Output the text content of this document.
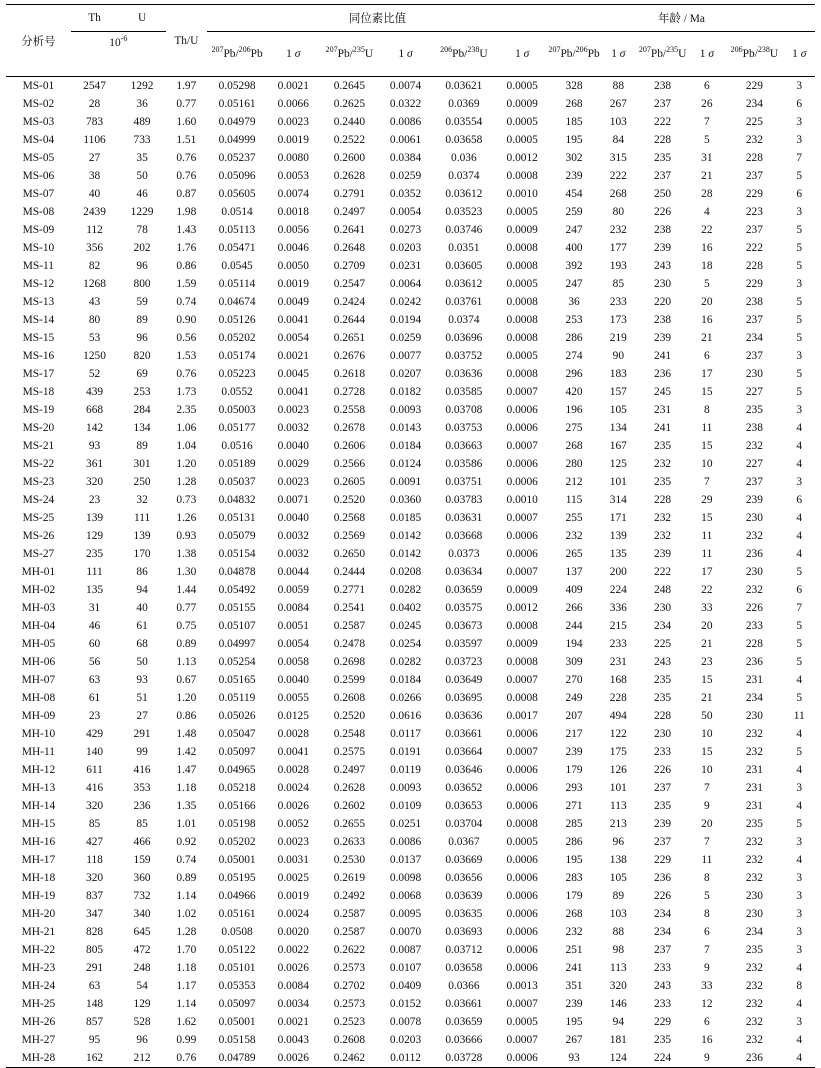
分析号	Th	U	Th/U	同位素比值						年龄 / Ma					
	$10^{-6}$			$^{207}$Pb/$^{206}$Pb	1 σ	$^{207}$Pb/$^{235}$U	1 σ	$^{206}$Pb/$^{238}$U	1 σ	$^{207}$Pb/$^{206}$Pb	1 σ	$^{207}$Pb/$^{235}$U	1 σ	$^{206}$Pb/$^{238}$U	1 σ

MS-01	2547	1292	1.97	0.05298	0.0021	0.2645	0.0074	0.03621	0.0005	328	88	238	6	229	3
MS-02	28	36	0.77	0.05161	0.0066	0.2625	0.0322	0.0369	0.0009	268	267	237	26	234	6
MS-03	783	489	1.60	0.04979	0.0023	0.2440	0.0086	0.03554	0.0005	185	103	222	7	225	3
MS-04	1106	733	1.51	0.04999	0.0019	0.2522	0.0061	0.03658	0.0005	195	84	228	5	232	3
MS-05	27	35	0.76	0.05237	0.0080	0.2600	0.0384	0.036	0.0012	302	315	235	31	228	7
MS-06	38	50	0.76	0.05096	0.0053	0.2628	0.0259	0.0374	0.0008	239	222	237	21	237	5
MS-07	40	46	0.87	0.05605	0.0074	0.2791	0.0352	0.03612	0.0010	454	268	250	28	229	6
MS-08	2439	1229	1.98	0.0514	0.0018	0.2497	0.0054	0.03523	0.0005	259	80	226	4	223	3
MS-09	112	78	1.43	0.05113	0.0056	0.2641	0.0273	0.03746	0.0009	247	232	238	22	237	5
MS-10	356	202	1.76	0.05471	0.0046	0.2648	0.0203	0.0351	0.0008	400	177	239	16	222	5
MS-11	82	96	0.86	0.0545	0.0050	0.2709	0.0231	0.03605	0.0008	392	193	243	18	228	5
MS-12	1268	800	1.59	0.05114	0.0019	0.2547	0.0064	0.03612	0.0005	247	85	230	5	229	3
MS-13	43	59	0.74	0.04674	0.0049	0.2424	0.0242	0.03761	0.0008	36	233	220	20	238	5
MS-14	80	89	0.90	0.05126	0.0041	0.2644	0.0194	0.0374	0.0008	253	173	238	16	237	5
MS-15	53	96	0.56	0.05202	0.0054	0.2651	0.0259	0.03696	0.0008	286	219	239	21	234	5
MS-16	1250	820	1.53	0.05174	0.0021	0.2676	0.0077	0.03752	0.0005	274	90	241	6	237	3
MS-17	52	69	0.76	0.05223	0.0045	0.2618	0.0207	0.03636	0.0008	296	183	236	17	230	5
MS-18	439	253	1.73	0.0552	0.0041	0.2728	0.0182	0.03585	0.0007	420	157	245	15	227	5
MS-19	668	284	2.35	0.05003	0.0023	0.2558	0.0093	0.03708	0.0006	196	105	231	8	235	3
MS-20	142	134	1.06	0.05177	0.0032	0.2678	0.0143	0.03753	0.0006	275	134	241	11	238	4
MS-21	93	89	1.04	0.0516	0.0040	0.2606	0.0184	0.03663	0.0007	268	167	235	15	232	4
MS-22	361	301	1.20	0.05189	0.0029	0.2566	0.0124	0.03586	0.0006	280	125	232	10	227	4
MS-23	320	250	1.28	0.05037	0.0023	0.2605	0.0091	0.03751	0.0006	212	101	235	7	237	3
MS-24	23	32	0.73	0.04832	0.0071	0.2520	0.0360	0.03783	0.0010	115	314	228	29	239	6
MS-25	139	111	1.26	0.05131	0.0040	0.2568	0.0185	0.03631	0.0007	255	171	232	15	230	4
MS-26	129	139	0.93	0.05079	0.0032	0.2569	0.0142	0.03668	0.0006	232	139	232	11	232	4
MS-27	235	170	1.38	0.05154	0.0032	0.2650	0.0142	0.0373	0.0006	265	135	239	11	236	4
MH-01	111	86	1.30	0.04878	0.0044	0.2444	0.0208	0.03634	0.0007	137	200	222	17	230	5
MH-02	135	94	1.44	0.05492	0.0059	0.2771	0.0282	0.03659	0.0009	409	224	248	22	232	6
MH-03	31	40	0.77	0.05155	0.0084	0.2541	0.0402	0.03575	0.0012	266	336	230	33	226	7
MH-04	46	61	0.75	0.05107	0.0051	0.2587	0.0245	0.03673	0.0008	244	215	234	20	233	5
MH-05	60	68	0.89	0.04997	0.0054	0.2478	0.0254	0.03597	0.0009	194	233	225	21	228	5
MH-06	56	50	1.13	0.05254	0.0058	0.2698	0.0282	0.03723	0.0008	309	231	243	23	236	5
MH-07	63	93	0.67	0.05165	0.0040	0.2599	0.0184	0.03649	0.0007	270	168	235	15	231	4
MH-08	61	51	1.20	0.05119	0.0055	0.2608	0.0266	0.03695	0.0008	249	228	235	21	234	5
MH-09	23	27	0.86	0.05026	0.0125	0.2520	0.0616	0.03636	0.0017	207	494	228	50	230	11
MH-10	429	291	1.48	0.05047	0.0028	0.2548	0.0117	0.03661	0.0006	217	122	230	10	232	4
MH-11	140	99	1.42	0.05097	0.0041	0.2575	0.0191	0.03664	0.0007	239	175	233	15	232	5
MH-12	611	416	1.47	0.04965	0.0028	0.2497	0.0119	0.03646	0.0006	179	126	226	10	231	4
MH-13	416	353	1.18	0.05218	0.0024	0.2628	0.0093	0.03652	0.0006	293	101	237	7	231	3
MH-14	320	236	1.35	0.05166	0.0026	0.2602	0.0109	0.03653	0.0006	271	113	235	9	231	4
MH-15	85	85	1.01	0.05198	0.0052	0.2655	0.0251	0.03704	0.0008	285	213	239	20	235	5
MH-16	427	466	0.92	0.05202	0.0023	0.2633	0.0086	0.0367	0.0005	286	96	237	7	232	3
MH-17	118	159	0.74	0.05001	0.0031	0.2530	0.0137	0.03669	0.0006	195	138	229	11	232	4
MH-18	320	360	0.89	0.05195	0.0025	0.2619	0.0098	0.03656	0.0006	283	105	236	8	232	3
MH-19	837	732	1.14	0.04966	0.0019	0.2492	0.0068	0.03639	0.0006	179	89	226	5	230	3
MH-20	347	340	1.02	0.05161	0.0024	0.2587	0.0095	0.03635	0.0006	268	103	234	8	230	3
MH-21	828	645	1.28	0.0508	0.0020	0.2587	0.0070	0.03693	0.0006	232	88	234	6	234	3
MH-22	805	472	1.70	0.05122	0.0022	0.2622	0.0087	0.03712	0.0006	251	98	237	7	235	3
MH-23	291	248	1.18	0.05101	0.0026	0.2573	0.0107	0.03658	0.0006	241	113	233	9	232	4
MH-24	63	54	1.17	0.05353	0.0084	0.2702	0.0409	0.0366	0.0013	351	320	243	33	232	8
MH-25	148	129	1.14	0.05097	0.0034	0.2573	0.0152	0.03661	0.0007	239	146	233	12	232	4
MH-26	857	528	1.62	0.05001	0.0021	0.2523	0.0078	0.03659	0.0005	195	94	229	6	232	3
MH-27	95	96	0.99	0.05158	0.0043	0.2608	0.0203	0.03666	0.0007	267	181	235	16	232	4
MH-28	162	212	0.76	0.04789	0.0026	0.2462	0.0112	0.03728	0.0006	93	124	224	9	236	4
